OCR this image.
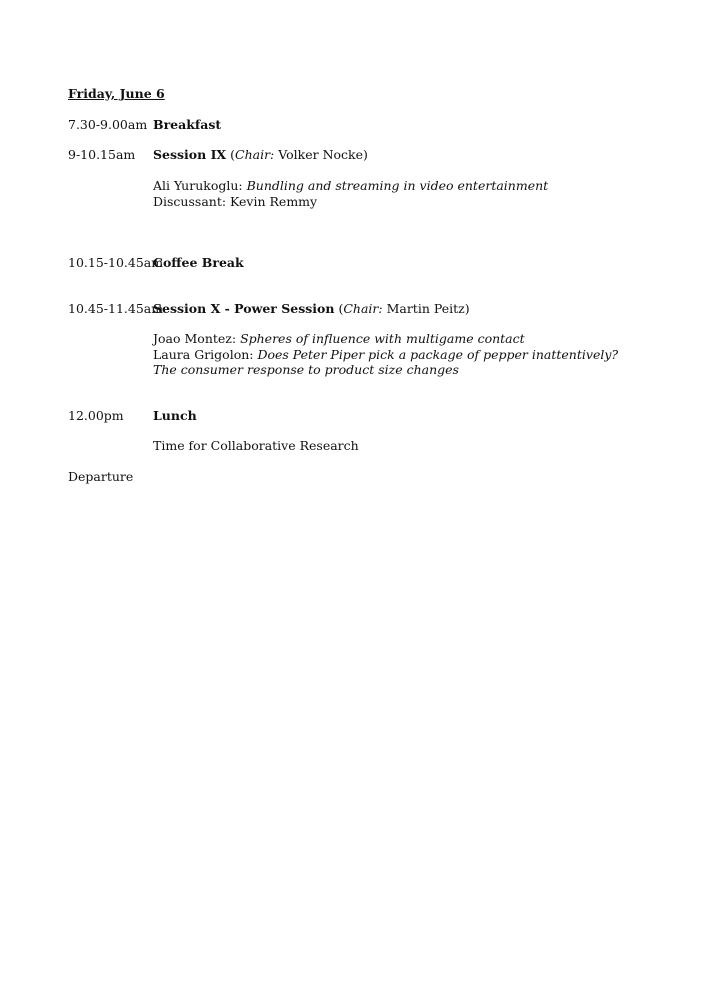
Friday, June 6
7.30-9.00am Breakfast
9-10.15am Session IX (Chair: Volker Nocke)
Ali Yurukoglu: Bundling and streaming in video entertainment
Discussant: Kevin Remmy
10.15-10.45am
Coffee Break
10.45-11.45am
Session X - Power Session (Chair: Martin Peitz)
Joao Montez: Spheres of influence with multigame contact
Laura Grigolon: Does Peter Piper pick a package of pepper inattentively? The consumer response to product size changes
12.00pm Lunch
Time for Collaborative Research
Departure
